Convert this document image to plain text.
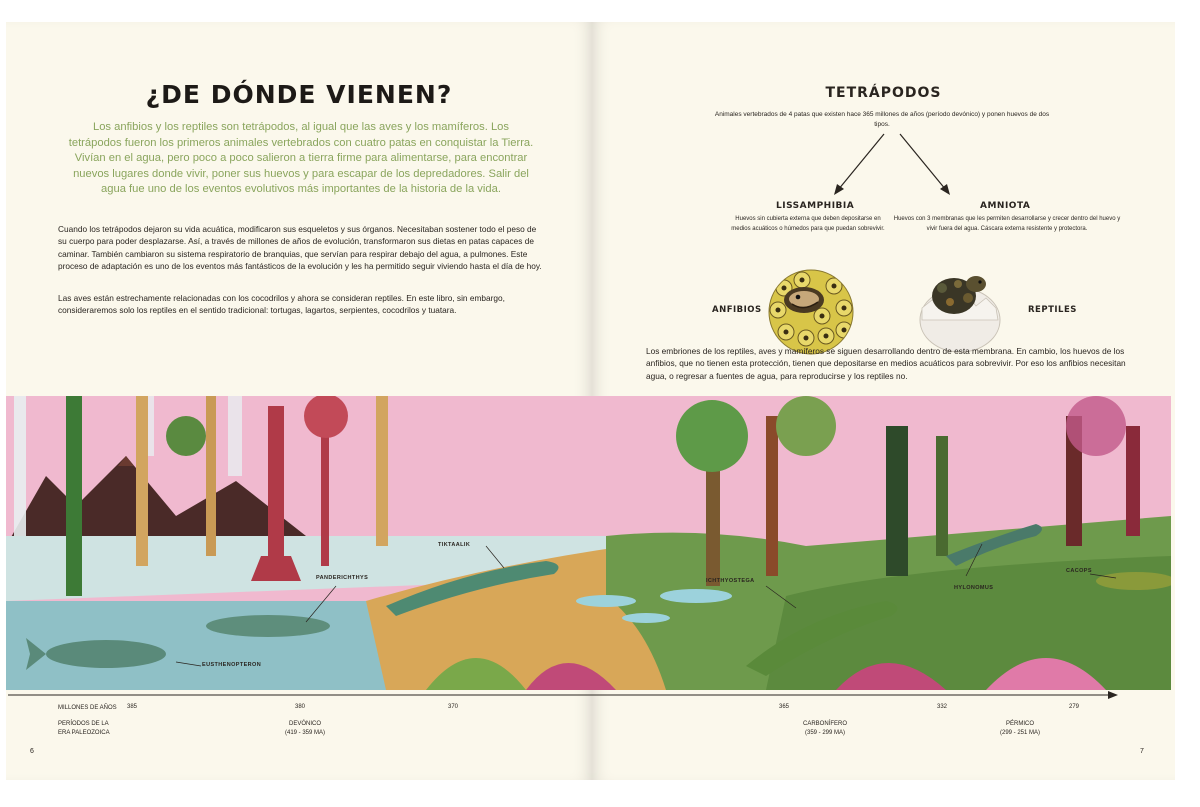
¿DE DÓNDE VIENEN?
Los anfibios y los reptiles son tetrápodos, al igual que las aves y los mamíferos. Los tetrápodos fueron los primeros animales vertebrados con cuatro patas en conquistar la Tierra. Vivían en el agua, pero poco a poco salieron a tierra firme para alimentarse, para encontrar nuevos lugares donde vivir, poner sus huevos y para escapar de los depredadores. Salir del agua fue uno de los eventos evolutivos más importantes de la historia de la vida.
Cuando los tetrápodos dejaron su vida acuática, modificaron sus esqueletos y sus órganos. Necesitaban sostener todo el peso de su cuerpo para poder desplazarse. Así, a través de millones de años de evolución, transformaron sus dietas en patas capaces de caminar. También cambiaron su sistema respiratorio de branquias, que servían para respirar debajo del agua, a pulmones. Este proceso de adaptación es uno de los eventos más fantásticos de la evolución y les ha permitido seguir viviendo hasta el día de hoy.
Las aves están estrechamente relacionadas con los cocodrilos y ahora se consideran reptiles. En este libro, sin embargo, consideraremos solo los reptiles en el sentido tradicional: tortugas, lagartos, serpientes, cocodrilos y tuatara.
6
TETRÁPODOS
Animales vertebrados de 4 patas que existen hace 365 millones de años (período devónico) y ponen huevos de dos tipos.
LISSAMPHIBIA
Huevos sin cubierta externa que deben depositarse en medios acuáticos o húmedos para que puedan sobrevivir.
AMNIOTA
Huevos con 3 membranas que les permiten desarrollarse y crecer dentro del huevo y vivir fuera del agua. Cáscara externa resistente y protectora.
ANFIBIOS	REPTILES
Los embriones de los reptiles, aves y mamíferos se siguen desarrollando dentro de esta membrana. En cambio, los huevos de los anfibios, que no tienen esta protección, tienen que depositarse en medios acuáticos para sobrevivir. Por eso los anfibios necesitan agua, o regresar a fuentes de agua, para reproducirse y los reptiles no.
7
TIKTAALIK
PANDERICHTHYS
EUSTHENOPTERON
ICHTHYOSTEGA
HYLONOMUS
CACOPS
MILLONES DE AÑOS 385	380	370	365	332	279
PERÍODOS DE LA ERA PALEOZOICA
DEVÓNICO
(419 - 359 MA)
CARBONÍFERO
(359 - 299 MA)
PÉRMICO
(299 - 251 MA)
